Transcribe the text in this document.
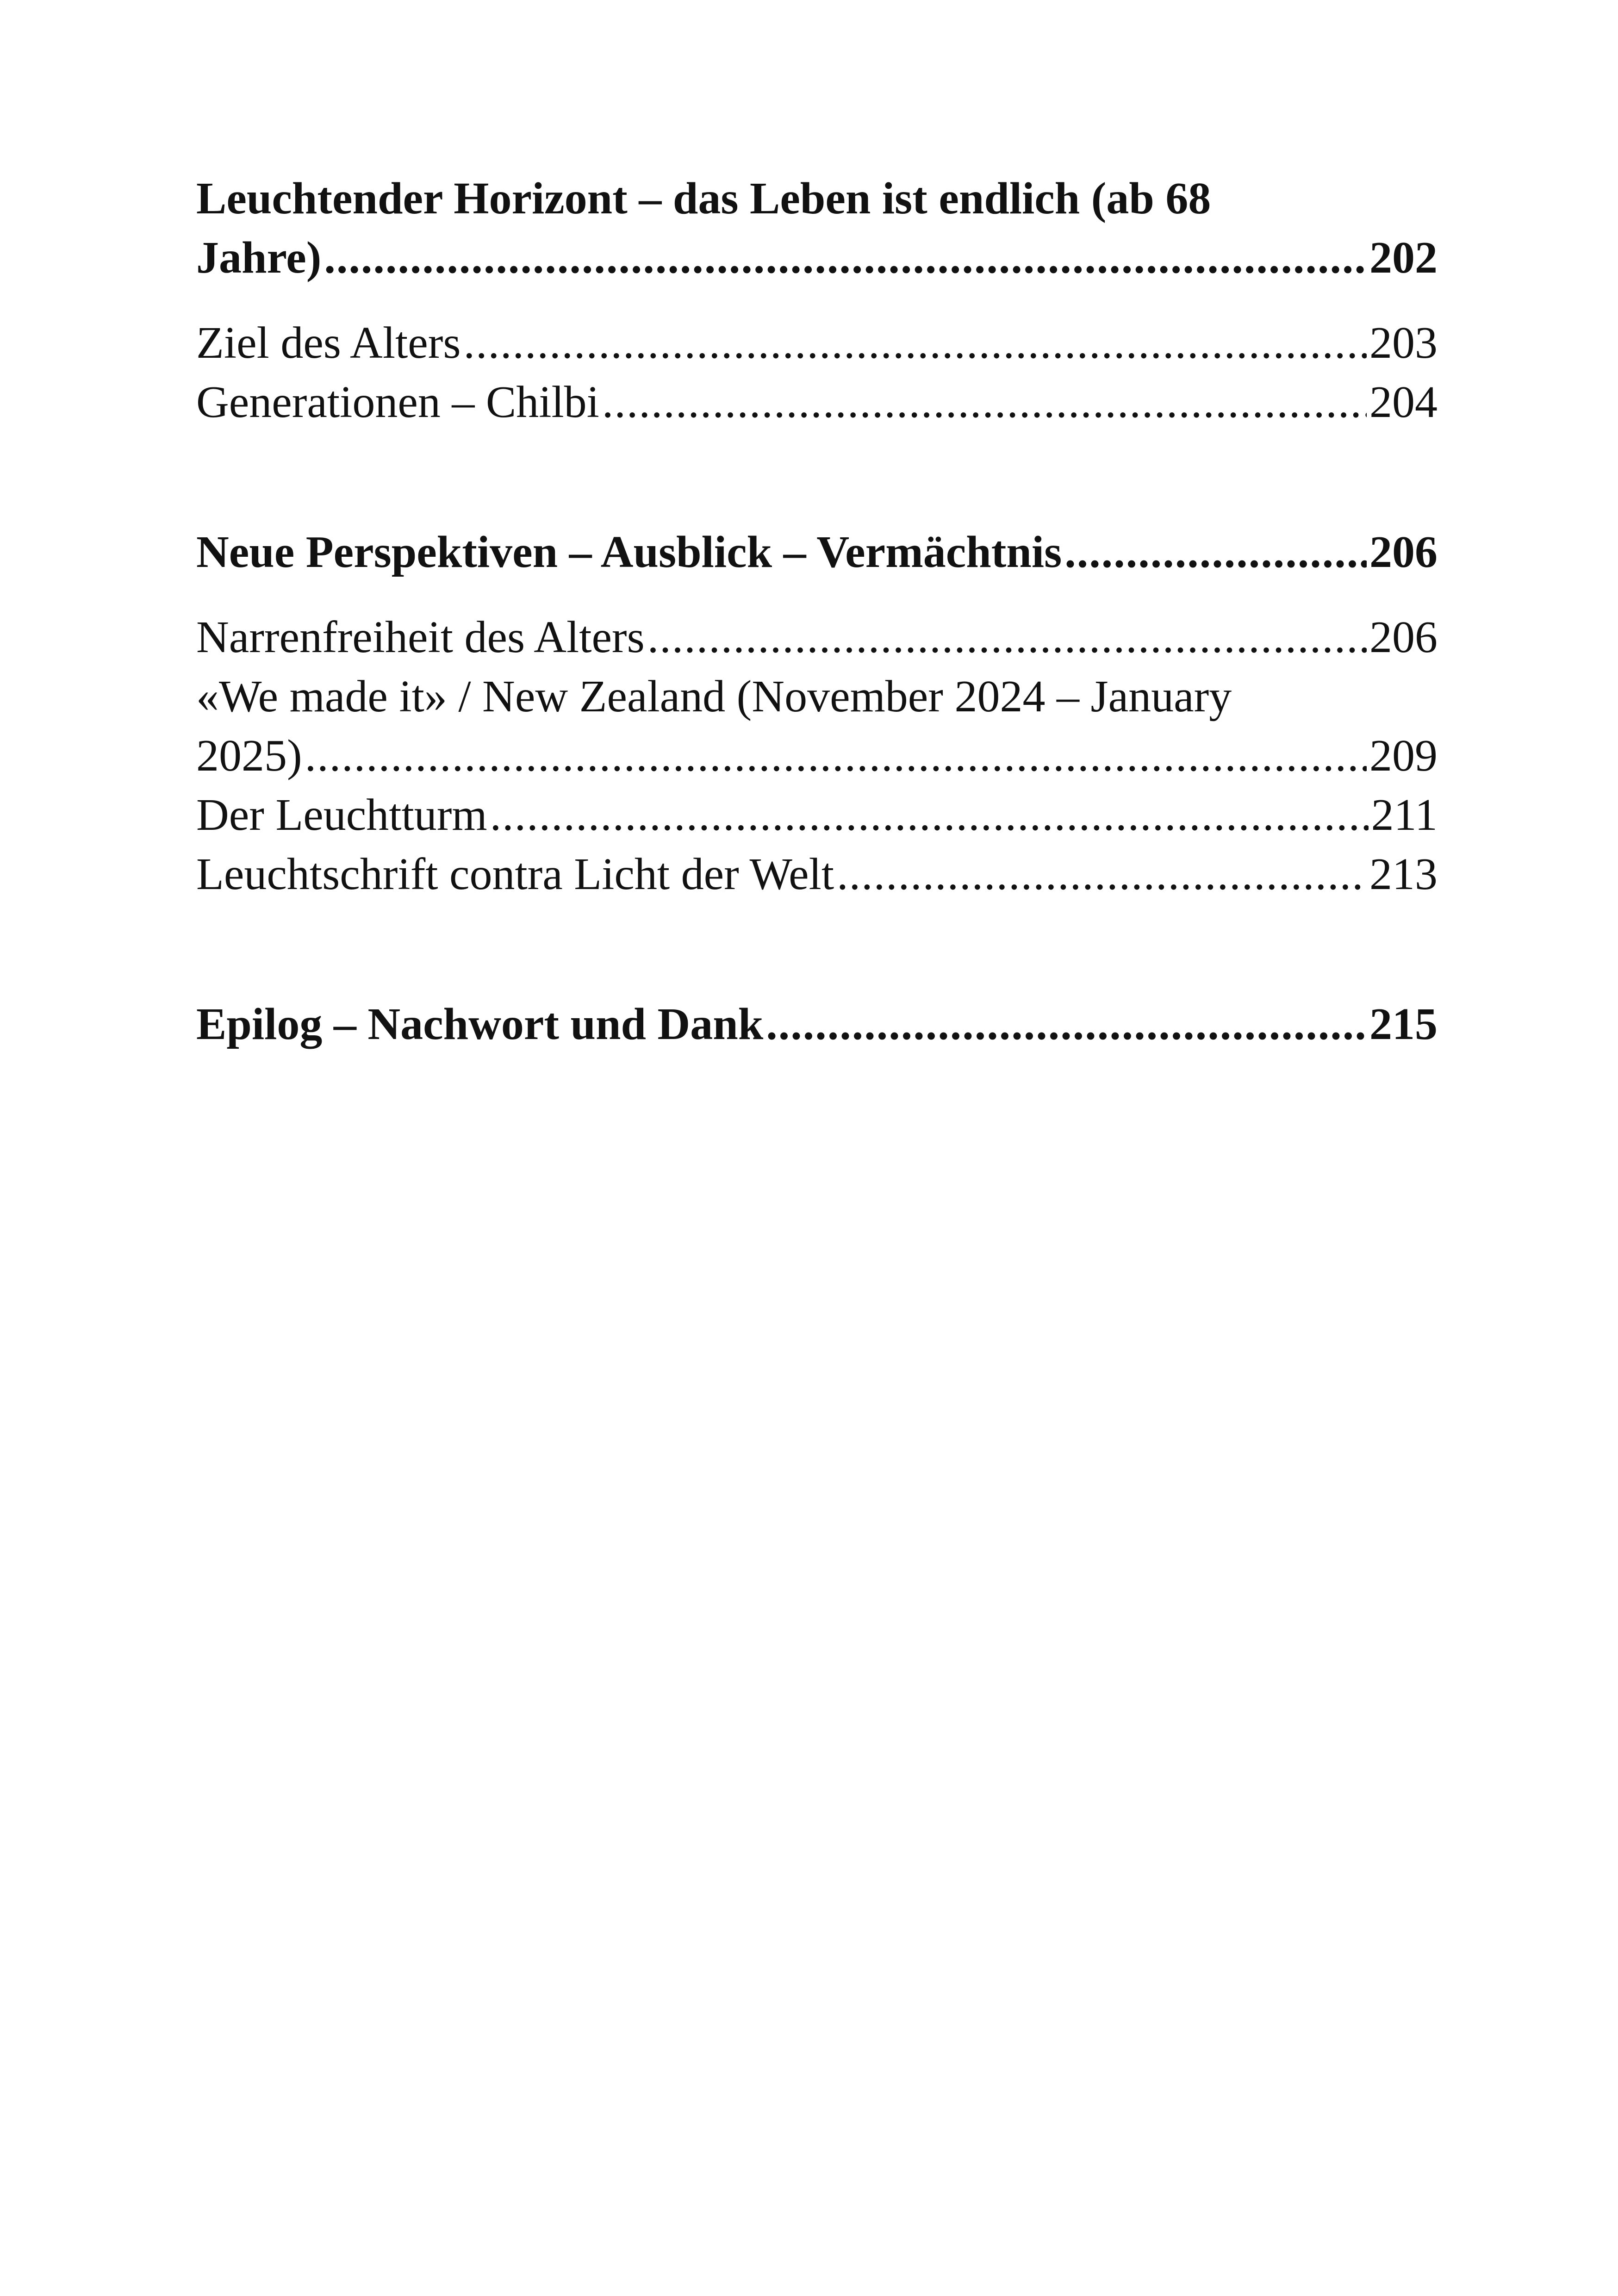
Leuchtender Horizont – das Leben ist endlich (ab 68
Jahre) .....	202
Ziel des Alters .....	203
Generationen – Chilbi .....	204
Neue Perspektiven – Ausblick – Vermächtnis .....	206
Narrenfreiheit des Alters .....	206
«We made it» / New Zealand (November 2024 – January
2025) .....	209
Der Leuchtturm .....	211
Leuchtschrift contra Licht der Welt .....	213
Epilog – Nachwort und Dank .....	215
